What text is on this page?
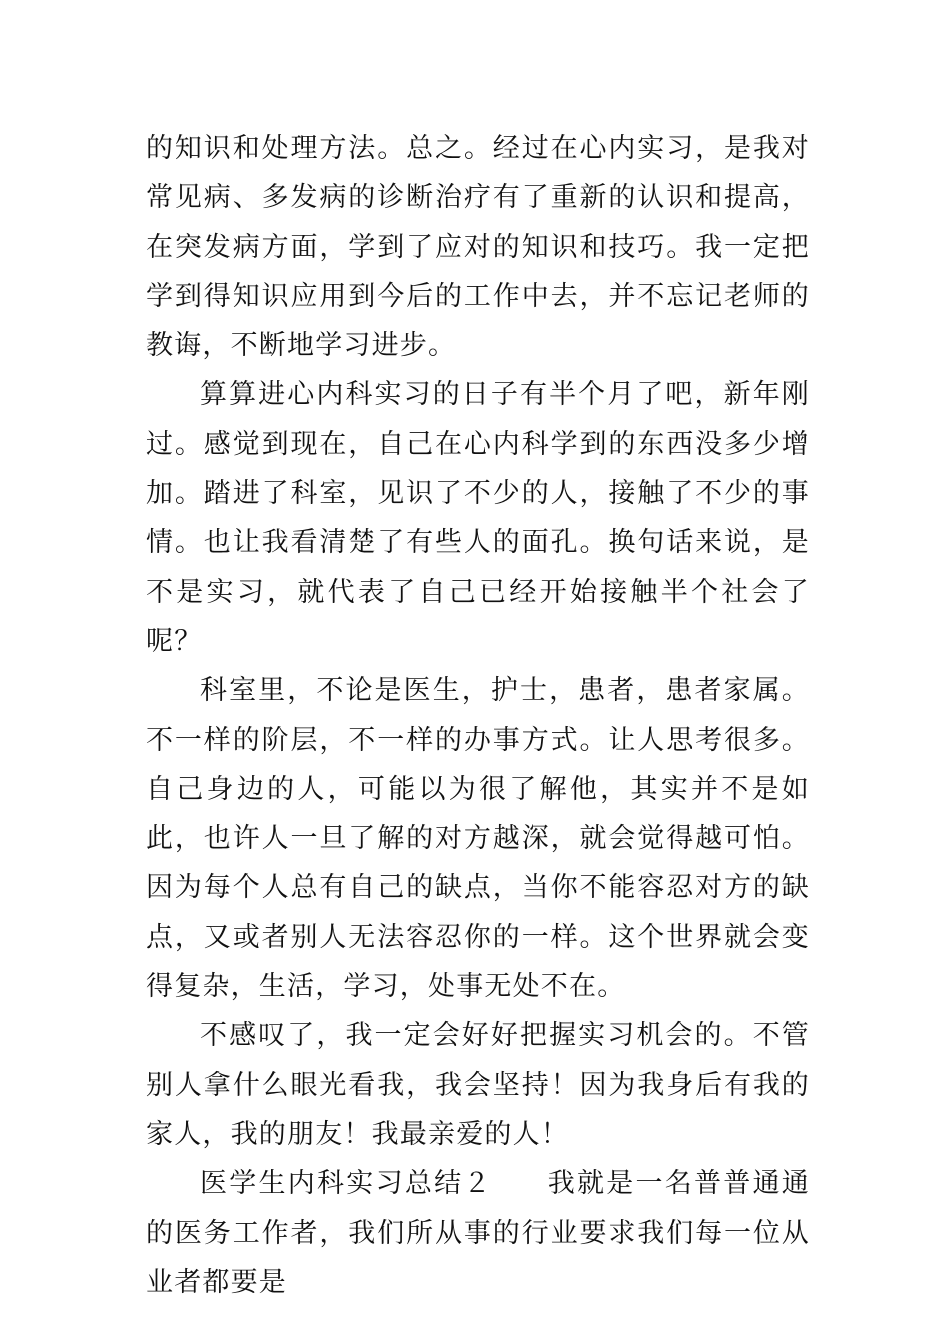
的知识和处理方法。总之。经过在心内实习，是我对常见病、多发病的诊断治疗有了重新的认识和提高，在突发病方面，学到了应对的知识和技巧。我一定把学到得知识应用到今后的工作中去，并不忘记老师的教诲，不断地学习进步。

算算进心内科实习的日子有半个月了吧，新年刚过。感觉到现在，自己在心内科学到的东西没多少增加。踏进了科室，见识了不少的人，接触了不少的事情。也让我看清楚了有些人的面孔。换句话来说，是不是实习，就代表了自己已经开始接触半个社会了呢？

科室里，不论是医生，护士，患者，患者家属。不一样的阶层，不一样的办事方式。让人思考很多。自己身边的人，可能以为很了解他，其实并不是如此，也许人一旦了解的对方越深，就会觉得越可怕。因为每个人总有自己的缺点，当你不能容忍对方的缺点，又或者别人无法容忍你的一样。这个世界就会变得复杂，生活，学习，处事无处不在。

不感叹了，我一定会好好把握实习机会的。不管别人拿什么眼光看我，我会坚持！因为我身后有我的家人，我的朋友！我最亲爱的人！

医学生内科实习总结２ 我就是一名普普通通的医务工作者，我们所从事的行业要求我们每一位从业者都要是
